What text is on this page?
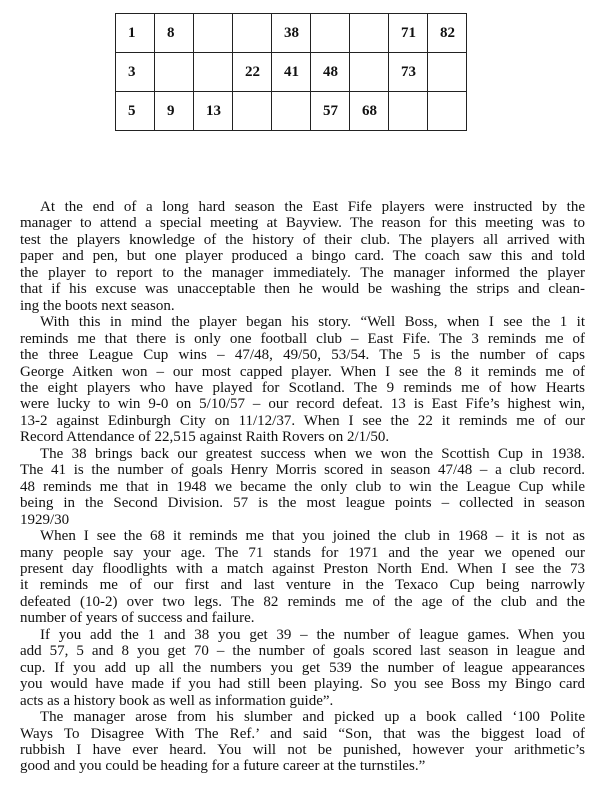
1	8			38			71	82
3			22	41	48		73	
5	9	13			57	68		
At the end of a long hard season the East Fife players were instructed by the
manager to attend a special meeting at Bayview. The reason for this meeting was to
test the players knowledge of the history of their club. The players all arrived with
paper and pen, but one player produced a bingo card. The coach saw this and told
the player to report to the manager immediately. The manager informed the player
that if his excuse was unacceptable then he would be washing the strips and clean-
ing the boots next season.
With this in mind the player began his story. “Well Boss, when I see the 1 it
reminds me that there is only one football club – East Fife. The 3 reminds me of
the three League Cup wins – 47/48, 49/50, 53/54. The 5 is the number of caps
George Aitken won – our most capped player. When I see the 8 it reminds me of
the eight players who have played for Scotland. The 9 reminds me of how Hearts
were lucky to win 9-0 on 5/10/57 – our record defeat. 13 is East Fife’s highest win,
13-2 against Edinburgh City on 11/12/37. When I see the 22 it reminds me of our
Record Attendance of 22,515 against Raith Rovers on 2/1/50.
The 38 brings back our greatest success when we won the Scottish Cup in 1938.
The 41 is the number of goals Henry Morris scored in season 47/48 – a club record.
48 reminds me that in 1948 we became the only club to win the League Cup while
being in the Second Division. 57 is the most league points – collected in season
1929/30
When I see the 68 it reminds me that you joined the club in 1968 – it is not as
many people say your age. The 71 stands for 1971 and the year we opened our
present day floodlights with a match against Preston North End. When I see the 73
it reminds me of our first and last venture in the Texaco Cup being narrowly
defeated (10-2) over two legs. The 82 reminds me of the age of the club and the
number of years of success and failure.
If you add the 1 and 38 you get 39 – the number of league games. When you
add 57, 5 and 8 you get 70 – the number of goals scored last season in league and
cup. If you add up all the numbers you get 539 the number of league appearances
you would have made if you had still been playing. So you see Boss my Bingo card
acts as a history book as well as information guide”.
The manager arose from his slumber and picked up a book called ‘100 Polite
Ways To Disagree With The Ref.’ and said “Son, that was the biggest load of
rubbish I have ever heard. You will not be punished, however your arithmetic’s
good and you could be heading for a future career at the turnstiles.”
